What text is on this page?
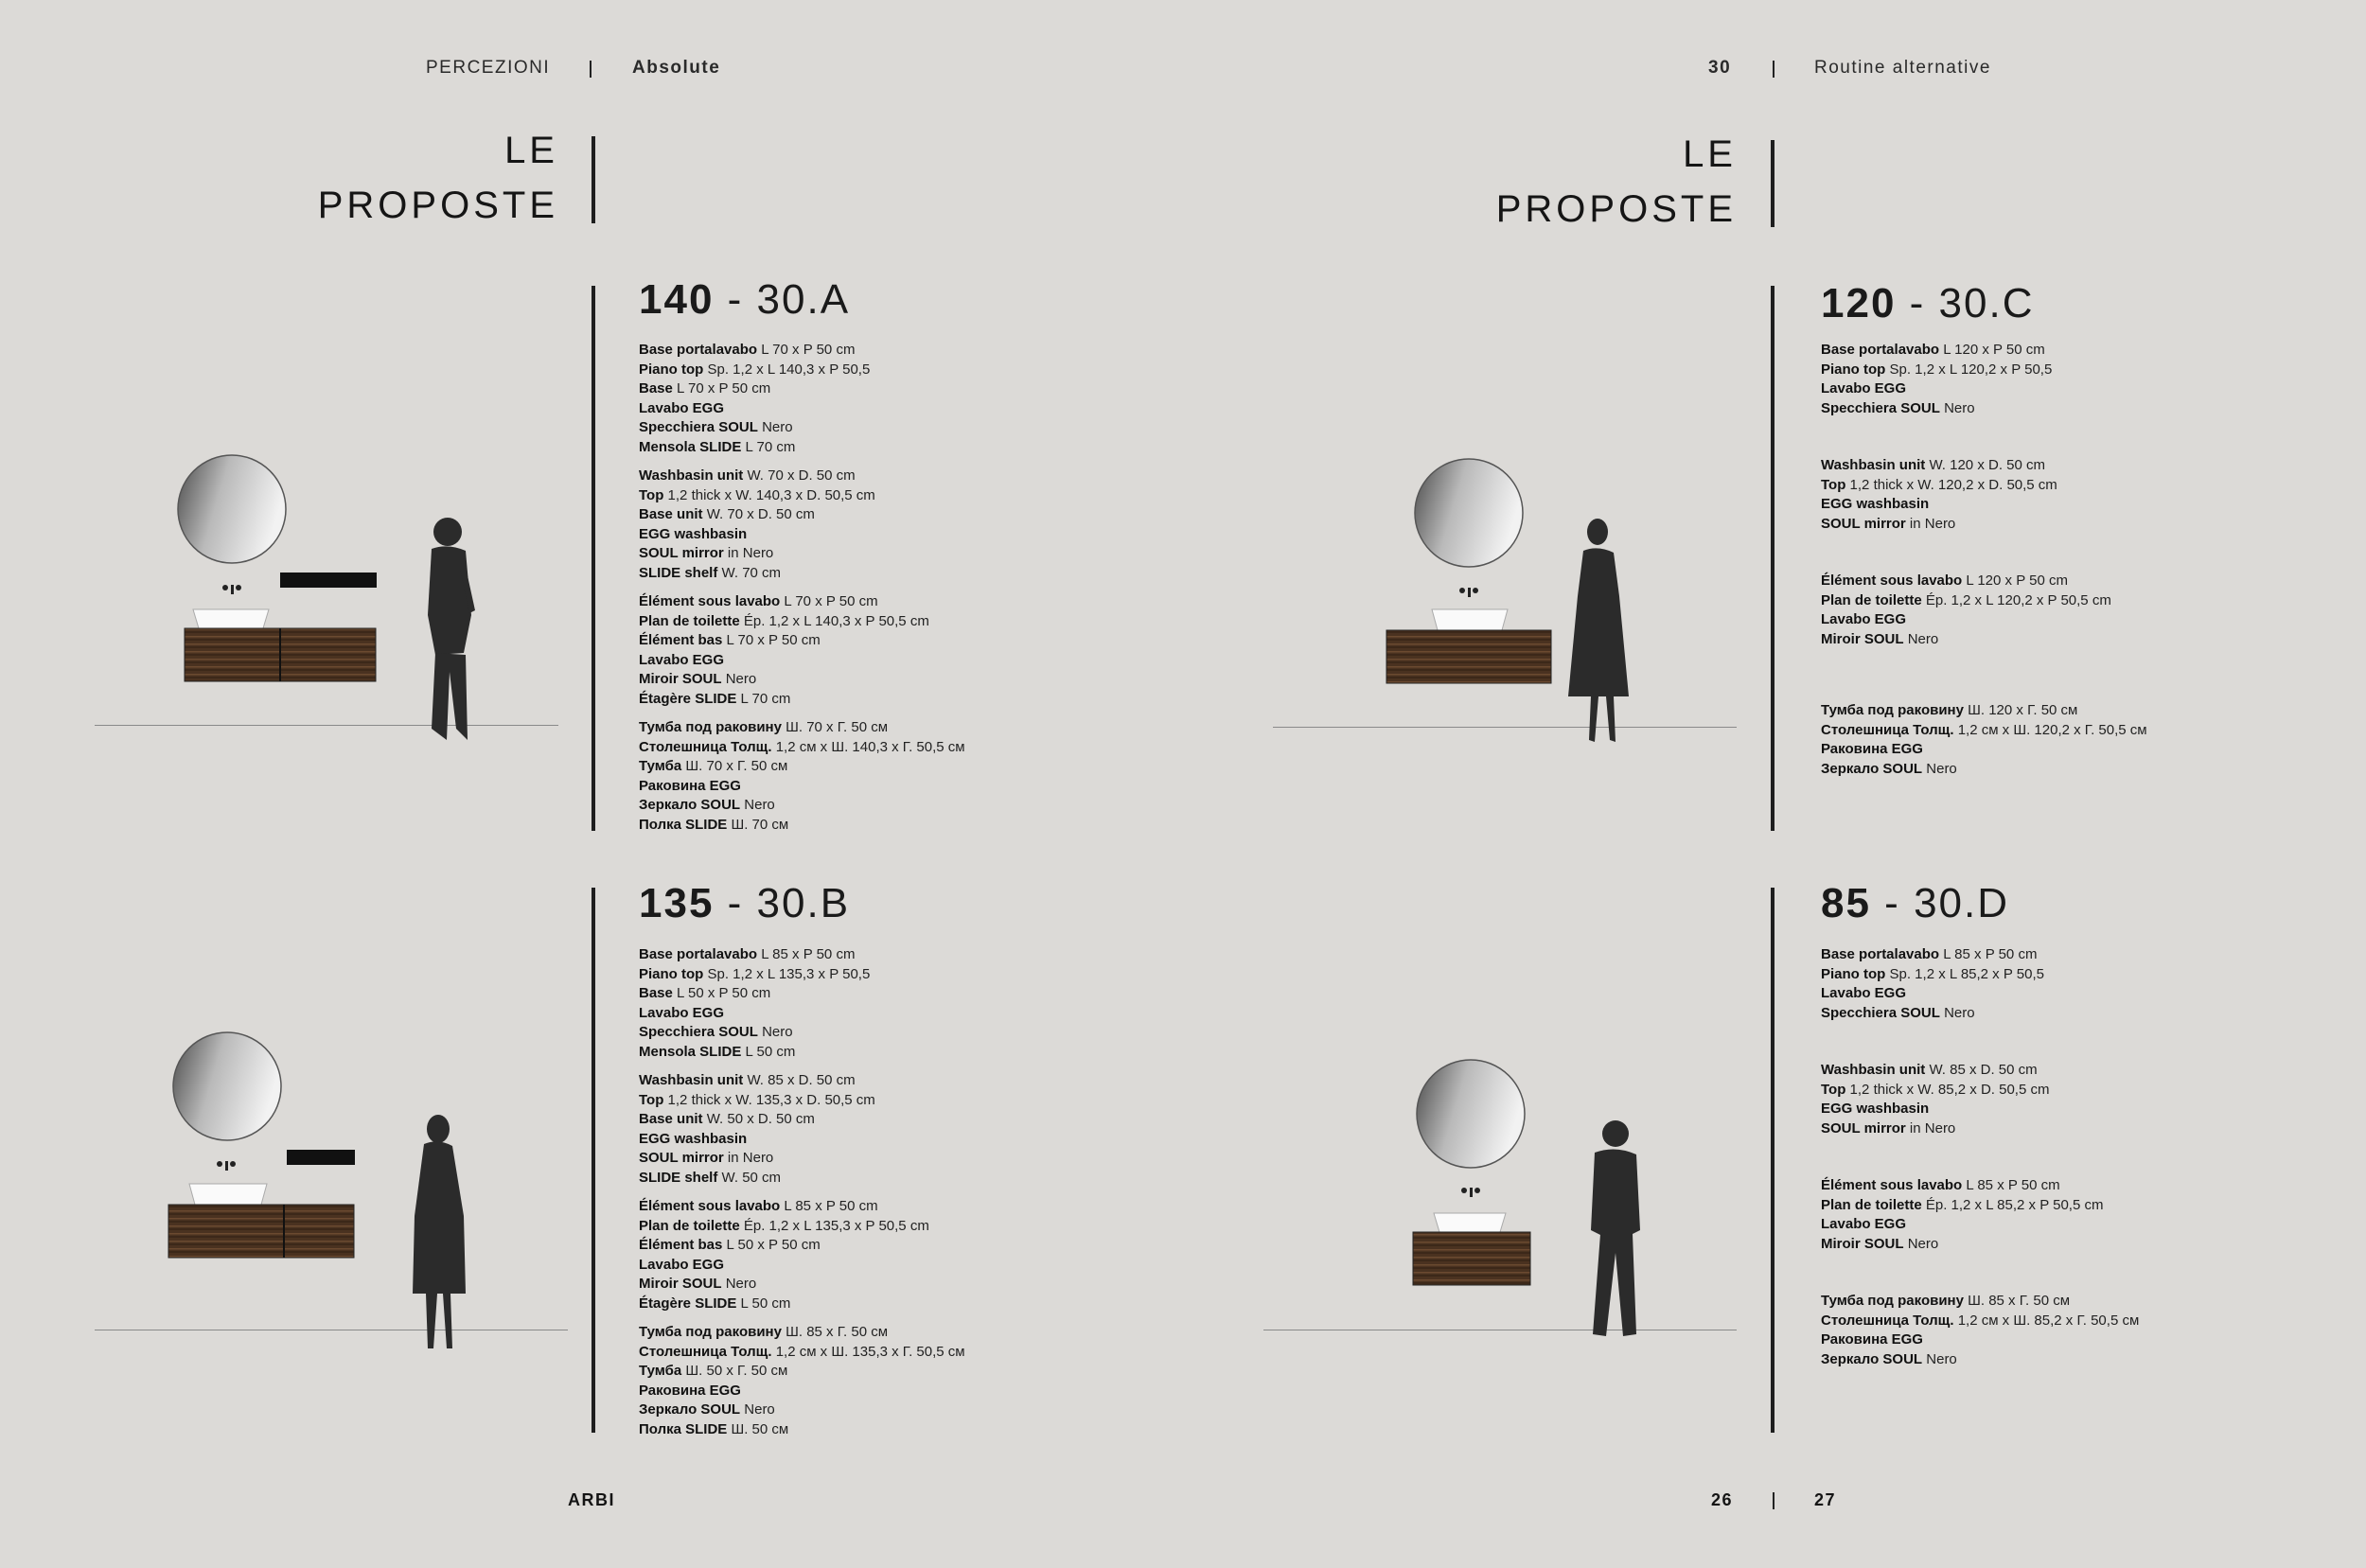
PERCEZIONI	Absolute	30	Routine alternative
LE
PROPOSTE
LE
PROPOSTE
140 - 30.A
Base portalavabo L 70 x P 50 cm
Piano top Sp. 1,2 x L 140,3 x P 50,5
Base L 70 x P 50 cm
Lavabo EGG
Specchiera SOUL Nero
Mensola SLIDE L 70 cm
Washbasin unit W. 70 x D. 50 cm
Top 1,2 thick x W. 140,3 x D. 50,5 cm
Base unit W. 70 x D. 50 cm
EGG washbasin
SOUL mirror in Nero
SLIDE shelf W. 70 cm
Élément sous lavabo L 70 x P 50 cm
Plan de toilette Ép. 1,2 x L 140,3 x P 50,5 cm
Élément bas L 70 x P 50 cm
Lavabo EGG
Miroir SOUL Nero
Étagère SLIDE L 70 cm
Тумба под раковину Ш. 70 x Г. 50 см
Столешница Толщ. 1,2 см x Ш. 140,3 x Г. 50,5 см
Тумба Ш. 70 x Г. 50 см
Раковина EGG
Зеркало SOUL Nero
Полка SLIDE Ш. 70 см
135 - 30.B
Base portalavabo L 85 x P 50 cm
Piano top Sp. 1,2 x L 135,3 x P 50,5
Base L 50 x P 50 cm
Lavabo EGG
Specchiera SOUL Nero
Mensola SLIDE L 50 cm
Washbasin unit W. 85 x D. 50 cm
Top 1,2 thick x W. 135,3 x D. 50,5 cm
Base unit W. 50 x D. 50 cm
EGG washbasin
SOUL mirror in Nero
SLIDE shelf W. 50 cm
Élément sous lavabo L 85 x P 50 cm
Plan de toilette Ép. 1,2 x L 135,3 x P 50,5 cm
Élément bas L 50 x P 50 cm
Lavabo EGG
Miroir SOUL Nero
Étagère SLIDE L 50 cm
Тумба под раковину Ш. 85 x Г. 50 см
Столешница Толщ. 1,2 см x Ш. 135,3 x Г. 50,5 см
Тумба Ш. 50 x Г. 50 см
Раковина EGG
Зеркало SOUL Nero
Полка SLIDE Ш. 50 см
120 - 30.C
Base portalavabo L 120 x P 50 cm
Piano top Sp. 1,2 x L 120,2 x P 50,5
Lavabo EGG
Specchiera SOUL Nero
Washbasin unit W. 120 x D. 50 cm
Top 1,2 thick x W. 120,2 x D. 50,5 cm
EGG washbasin
SOUL mirror in Nero
Élément sous lavabo L 120 x P 50 cm
Plan de toilette Ép. 1,2 x L 120,2 x P 50,5 cm
Lavabo EGG
Miroir SOUL Nero
Тумба под раковину Ш. 120 x Г. 50 см
Столешница Толщ. 1,2 см x Ш. 120,2 x Г. 50,5 см
Раковина EGG
Зеркало SOUL Nero
85 - 30.D
Base portalavabo L 85 x P 50 cm
Piano top Sp. 1,2 x L 85,2 x P 50,5
Lavabo EGG
Specchiera SOUL Nero
Washbasin unit W. 85 x D. 50 cm
Top 1,2 thick x W. 85,2 x D. 50,5 cm
EGG washbasin
SOUL mirror in Nero
Élément sous lavabo L 85 x P 50 cm
Plan de toilette Ép. 1,2 x L 85,2 x P 50,5 cm
Lavabo EGG
Miroir SOUL Nero
Тумба под раковину Ш. 85 x Г. 50 см
Столешница Толщ. 1,2 см x Ш. 85,2 x Г. 50,5 см
Раковина EGG
Зеркало SOUL Nero
ARBI	26	27
